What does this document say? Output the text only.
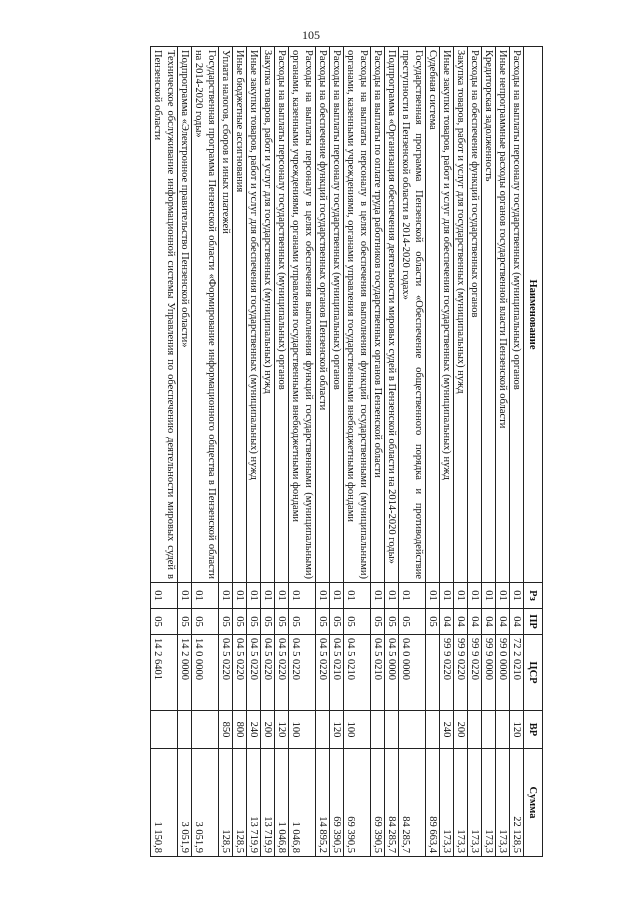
105
Наименование	Рз	ПР	ЦСР	ВР	Сумма
Расходы на выплаты персоналу государственных (муниципальных) органов	01	04	72 2 0210	120	22 128,5
Иные непрограммные расходы органов государственной власти Пензенской области	01	04	99 0 0000		173,3
Кредиторская задолженность	01	04	99 9 0000		173,3
Расходы на обеспечение функций государственных органов	01	04	99 9 0220		173,3
Закупка товаров, работ и услуг для государственных (муниципальных) нужд	01	04	99 9 0220	200	173,3
Иные закупки товаров, работ и услуг для обеспечения государственных (муниципальных) нужд	01	04	99 9 0220	240	173,3
Судебная система	01	05			89 663,4
Государственная программа Пензенской области «Обеспечение общественного порядка и противодействие преступности в Пензенской области в 2014-2020 годах»	01	05	04 0 0000		84 285,7
Подпрограмма «Организация обеспечения деятельности мировых судей в Пензенской области на 2014-2020 годы»	01	05	04 5 0000		84 285,7
Расходы на выплаты по оплате труда работников государственных органов Пензенской области	01	05	04 5 0210		69 390,5
Расходы на выплаты персоналу в целях обеспечения выполнения функций государственными (муниципальными) органами, казенными учреждениями, органами управления государственными внебюджетными фондами	01	05	04 5 0210	100	69 390,5
Расходы на выплаты персоналу государственных (муниципальных) органов	01	05	04 5 0210	120	69 390,5
Расходы на обеспечение функций государственных органов Пензенской области	01	05	04 5 0220		14 895,2
Расходы на выплаты персоналу в целях обеспечения выполнения функций государственными (муниципальными) органами, казенными учреждениями, органами управления государственными внебюджетными фондами	01	05	04 5 0220	100	1 046,8
Расходы на выплаты персоналу государственных (муниципальных) органов	01	05	04 5 0220	120	1 046,8
Закупка товаров, работ и услуг для государственных (муниципальных) нужд	01	05	04 5 0220	200	13 719,9
Иные закупки товаров, работ и услуг для обеспечения государственных (муниципальных) нужд	01	05	04 5 0220	240	13 719,9
Иные бюджетные ассигнования	01	05	04 5 0220	800	128,5
Уплата налогов, сборов и иных платежей	01	05	04 5 0220	850	128,5
Государственная программа Пензенской области «Формирование информационного общества в Пензенской области на 2014-2020 годы»	01	05	14 0 0000		3 051,9
Подпрограмма «Электронное правительство Пензенской области»	01	05	14 2 0000		3 051,9
Техническое обслуживание информационной системы Управления по обеспечению деятельности мировых судей в Пензенской области	01	05	14 2 6401		1 150,8
